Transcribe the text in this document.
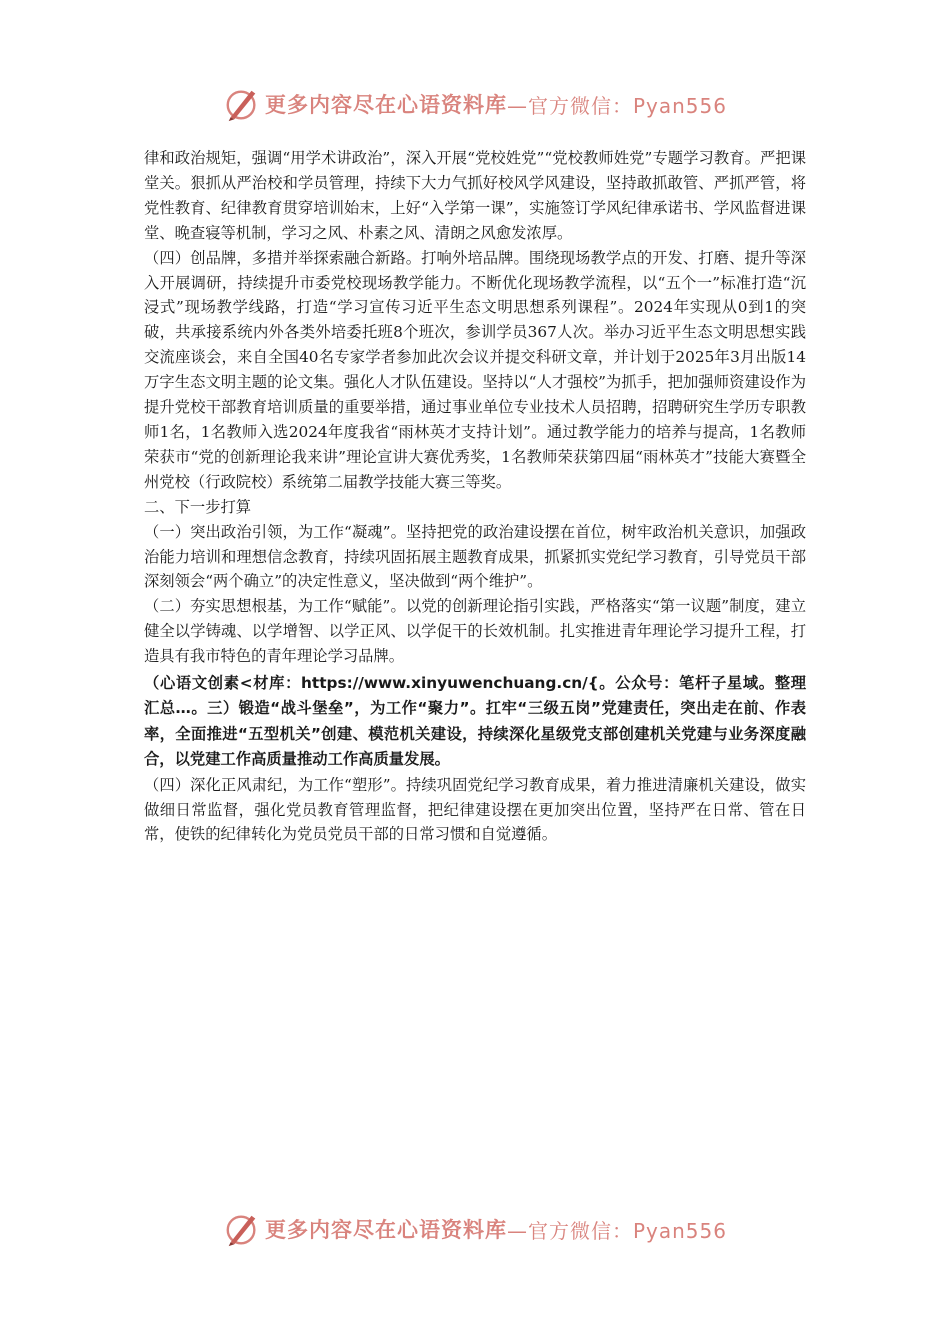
更多内容尽在心语资料库 —官方微信：Pyan556

律和政治规矩，强调“用学术讲政治”，深入开展“党校姓党”“党校教师姓党”专题学习教育。严把课堂关。狠抓从严治校和学员管理，持续下大力气抓好校风学风建设，坚持敢抓敢管、严抓严管，将党性教育、纪律教育贯穿培训始末，上好“入学第一课”，实施签订学风纪律承诺书、学风监督进课堂、晚查寝等机制，学习之风、朴素之风、清朗之风愈发浓厚。

（四）创品牌，多措并举探索融合新路。打响外培品牌。围绕现场教学点的开发、打磨、提升等深入开展调研，持续提升市委党校现场教学能力。不断优化现场教学流程，以“五个一”标准打造“沉浸式”现场教学线路，打造“学习宣传习近平生态文明思想系列课程”。2024年实现从0到1的突破，共承接系统内外各类外培委托班8个班次，参训学员367人次。举办习近平生态文明思想实践交流座谈会，来自全国40名专家学者参加此次会议并提交科研文章，并计划于2025年3月出版14万字生态文明主题的论文集。强化人才队伍建设。坚持以“人才强校”为抓手，把加强师资建设作为提升党校干部教育培训质量的重要举措，通过事业单位专业技术人员招聘，招聘研究生学历专职教师1名，1名教师入选2024年度我省“雨林英才支持计划”。通过教学能力的培养与提高，1名教师荣获市“党的创新理论我来讲”理论宣讲大赛优秀奖，1名教师荣获第四届“雨林英才”技能大赛暨全州党校（行政院校）系统第二届教学技能大赛三等奖。

二、下一步打算

（一）突出政治引领，为工作“凝魂”。坚持把党的政治建设摆在首位，树牢政治机关意识，加强政治能力培训和理想信念教育，持续巩固拓展主题教育成果，抓紧抓实党纪学习教育，引导党员干部深刻领会“两个确立”的决定性意义，坚决做到“两个维护”。

（二）夯实思想根基，为工作“赋能”。以党的创新理论指引实践，严格落实“第一议题”制度，建立健全以学铸魂、以学增智、以学正风、以学促干的长效机制。扎实推进青年理论学习提升工程，打造具有我市特色的青年理论学习品牌。

（心语文创素<材库：https://www.xinyuwenchuang.cn/{。公众号：笔杆子星域。整理汇总…。三）锻造“战斗堡垒”，为工作“聚力”。扛牢“三级五岗”党建责任，突出走在前、作表率，全面推进“五型机关”创建、模范机关建设，持续深化星级党支部创建机关党建与业务深度融合，以党建工作高质量推动工作高质量发展。

（四）深化正风肃纪，为工作“塑形”。持续巩固党纪学习教育成果，着力推进清廉机关建设，做实做细日常监督，强化党员教育管理监督，把纪律建设摆在更加突出位置，坚持严在日常、管在日常，使铁的纪律转化为党员党员干部的日常习惯和自觉遵循。

更多内容尽在心语资料库 —官方微信：Pyan556
